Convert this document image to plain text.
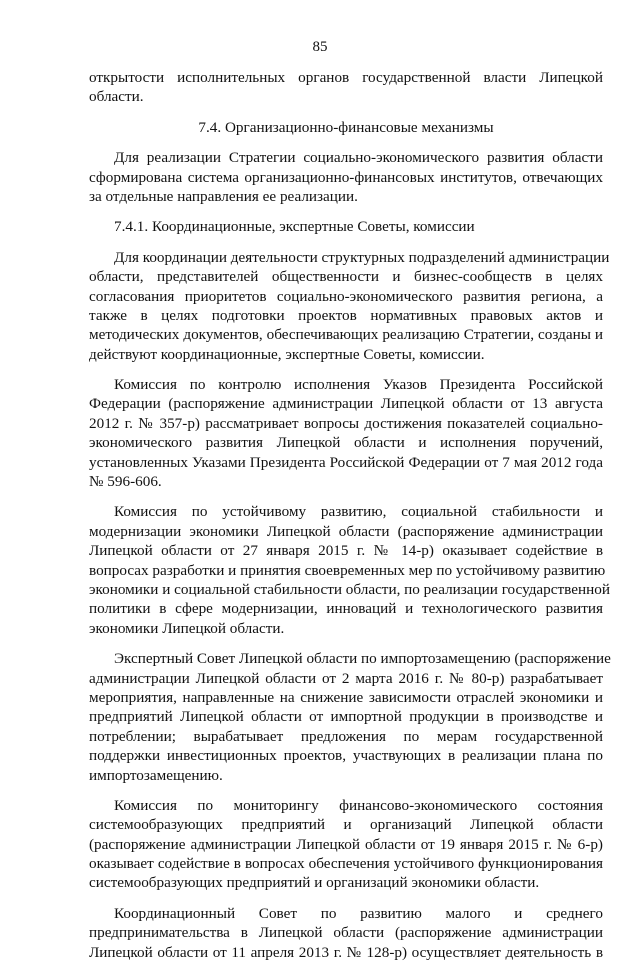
85
открытости исполнительных органов государственной власти Липецкой
области.
7.4. Организационно-финансовые механизмы
Для реализации Стратегии социально-экономического развития области
сформирована система организационно-финансовых институтов, отвечающих
за отдельные направления ее реализации.
7.4.1. Координационные, экспертные Советы, комиссии
Для координации деятельности структурных подразделений администрации
области, представителей общественности и бизнес-сообществ в целях
согласования приоритетов социально-экономического развития региона, а
также в целях подготовки проектов нормативных правовых актов и
методических документов, обеспечивающих реализацию Стратегии, созданы и
действуют координационные, экспертные Советы, комиссии.
Комиссия по контролю исполнения Указов Президента Российской
Федерации (распоряжение администрации Липецкой области от 13 августа
2012 г. № 357-р) рассматривает вопросы достижения показателей социально-
экономического развития Липецкой области и исполнения поручений,
установленных Указами Президента Российской Федерации от 7 мая 2012 года
№ 596-606.
Комиссия по устойчивому развитию, социальной стабильности и
модернизации экономики Липецкой области (распоряжение администрации
Липецкой области от 27 января 2015 г. № 14-р) оказывает содействие в
вопросах разработки и принятия своевременных мер по устойчивому развитию
экономики и социальной стабильности области, по реализации государственной
политики в сфере модернизации, инноваций и технологического развития
экономики Липецкой области.
Экспертный Совет Липецкой области по импортозамещению (распоряжение
администрации Липецкой области от 2 марта 2016 г. № 80-р) разрабатывает
мероприятия, направленные на снижение зависимости отраслей экономики и
предприятий Липецкой области от импортной продукции в производстве и
потреблении; вырабатывает предложения по мерам государственной
поддержки инвестиционных проектов, участвующих в реализации плана по
импортозамещению.
Комиссия по мониторингу финансово-экономического состояния
системообразующих предприятий и организаций Липецкой области
(распоряжение администрации Липецкой области от 19 января 2015 г. № 6-р)
оказывает содействие в вопросах обеспечения устойчивого функционирования
системообразующих предприятий и организаций экономики области.
Координационный Совет по развитию малого и среднего
предпринимательства в Липецкой области (распоряжение администрации
Липецкой области от 11 апреля 2013 г. № 128-р) осуществляет деятельность в
